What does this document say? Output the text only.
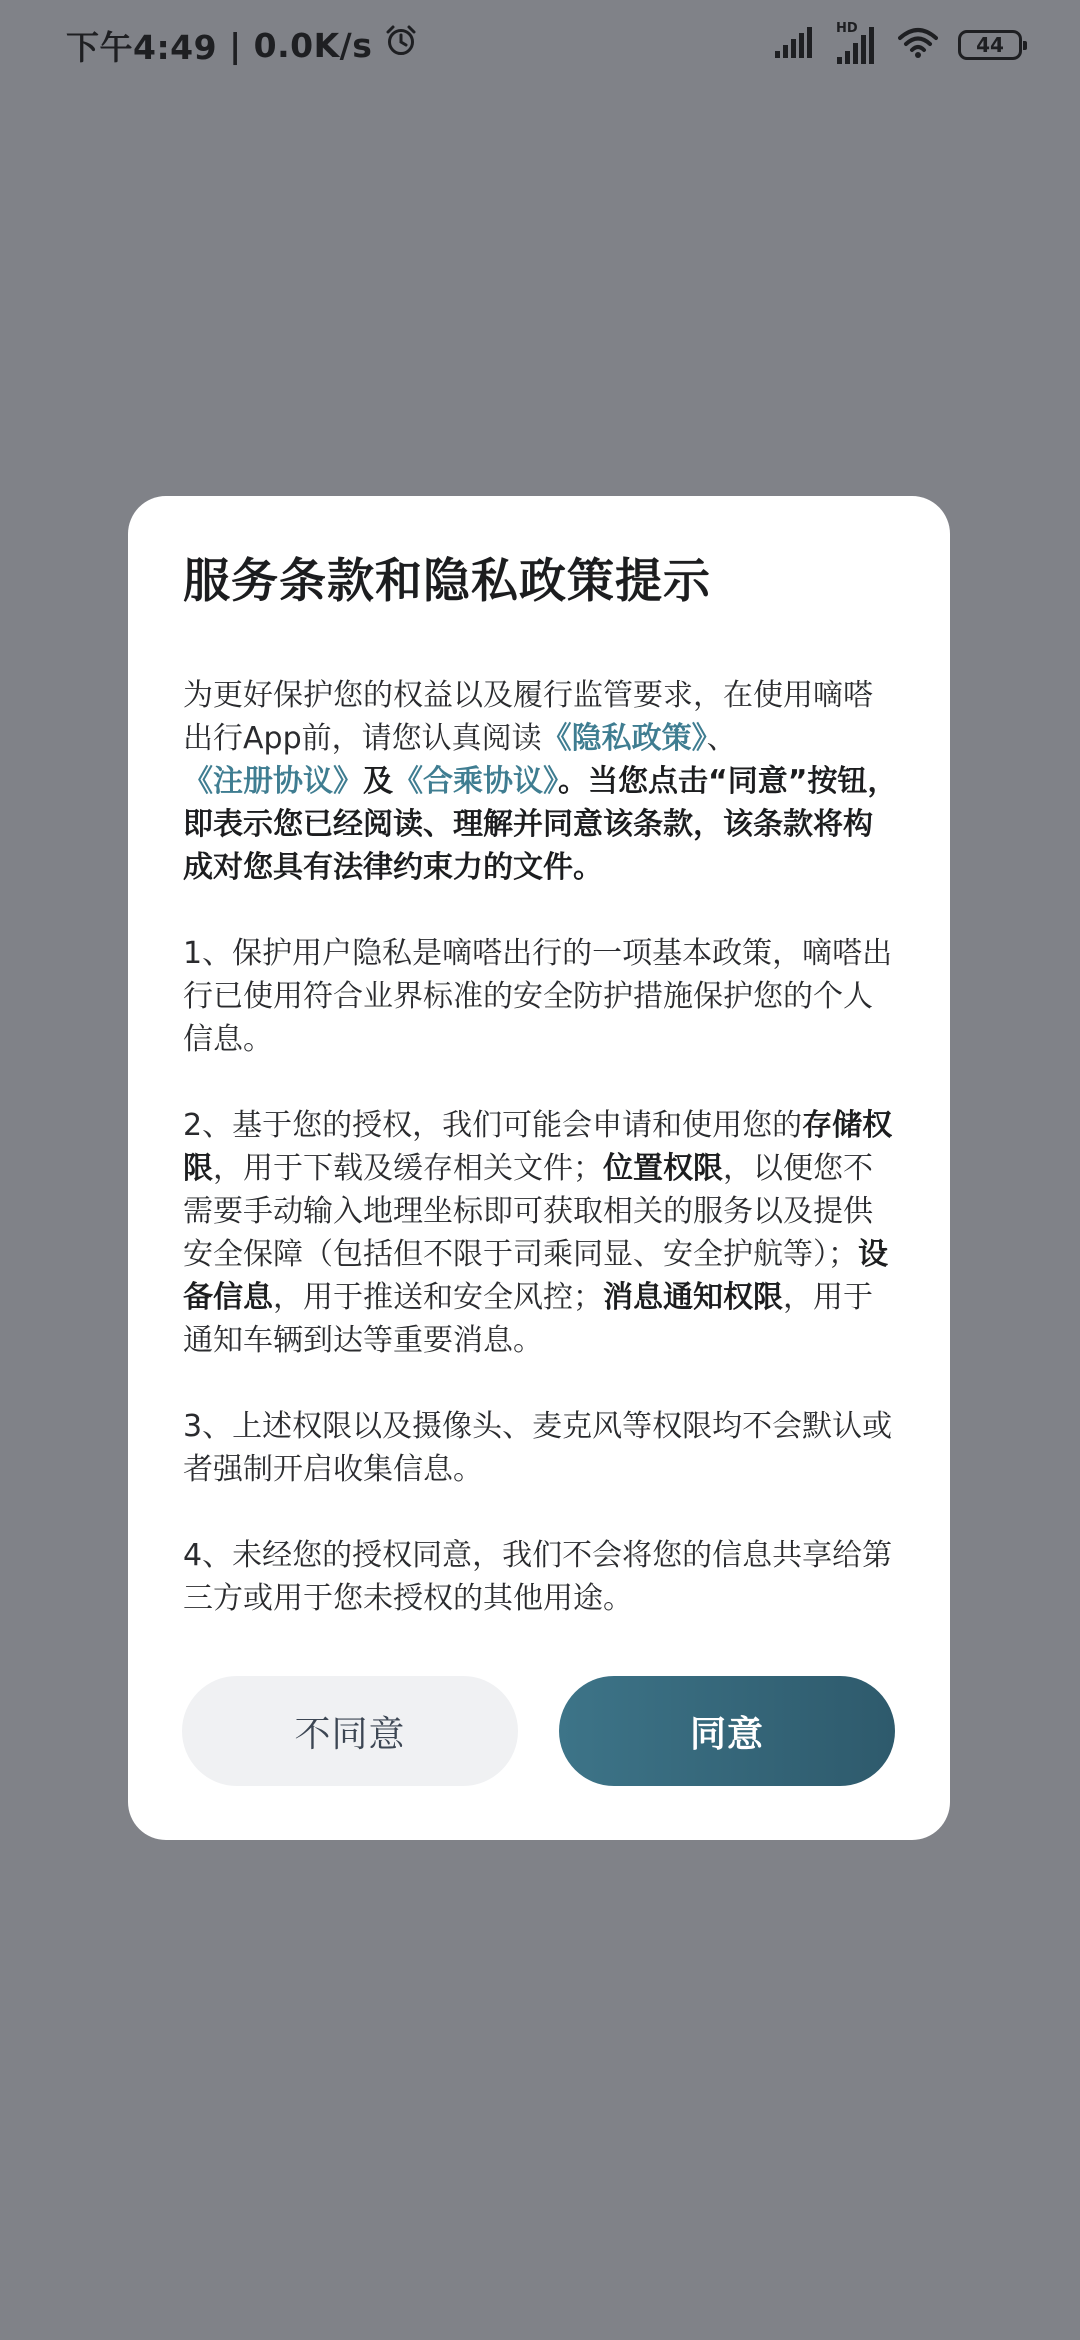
下午4:49 | 0.0K/s	HD
44
服务条款和隐私政策提示

为更好保护您的权益以及履行监管要求，在使用嘀嗒出行App前，请您认真阅读《隐私政策》、《注册协议》及《合乘协议》。当您点击“同意”按钮，即表示您已经阅读、理解并同意该条款，该条款将构成对您具有法律约束力的文件。

1、保护用户隐私是嘀嗒出行的一项基本政策，嘀嗒出行已使用符合业界标准的安全防护措施保护您的个人信息。

2、基于您的授权，我们可能会申请和使用您的存储权限，用于下载及缓存相关文件；位置权限，以便您不需要手动输入地理坐标即可获取相关的服务以及提供安全保障（包括但不限于司乘同显、安全护航等）；设备信息，用于推送和安全风控；消息通知权限，用于通知车辆到达等重要消息。

3、上述权限以及摄像头、麦克风等权限均不会默认或者强制开启收集信息。

4、未经您的授权同意，我们不会将您的信息共享给第三方或用于您未授权的其他用途。

不同意	同意
